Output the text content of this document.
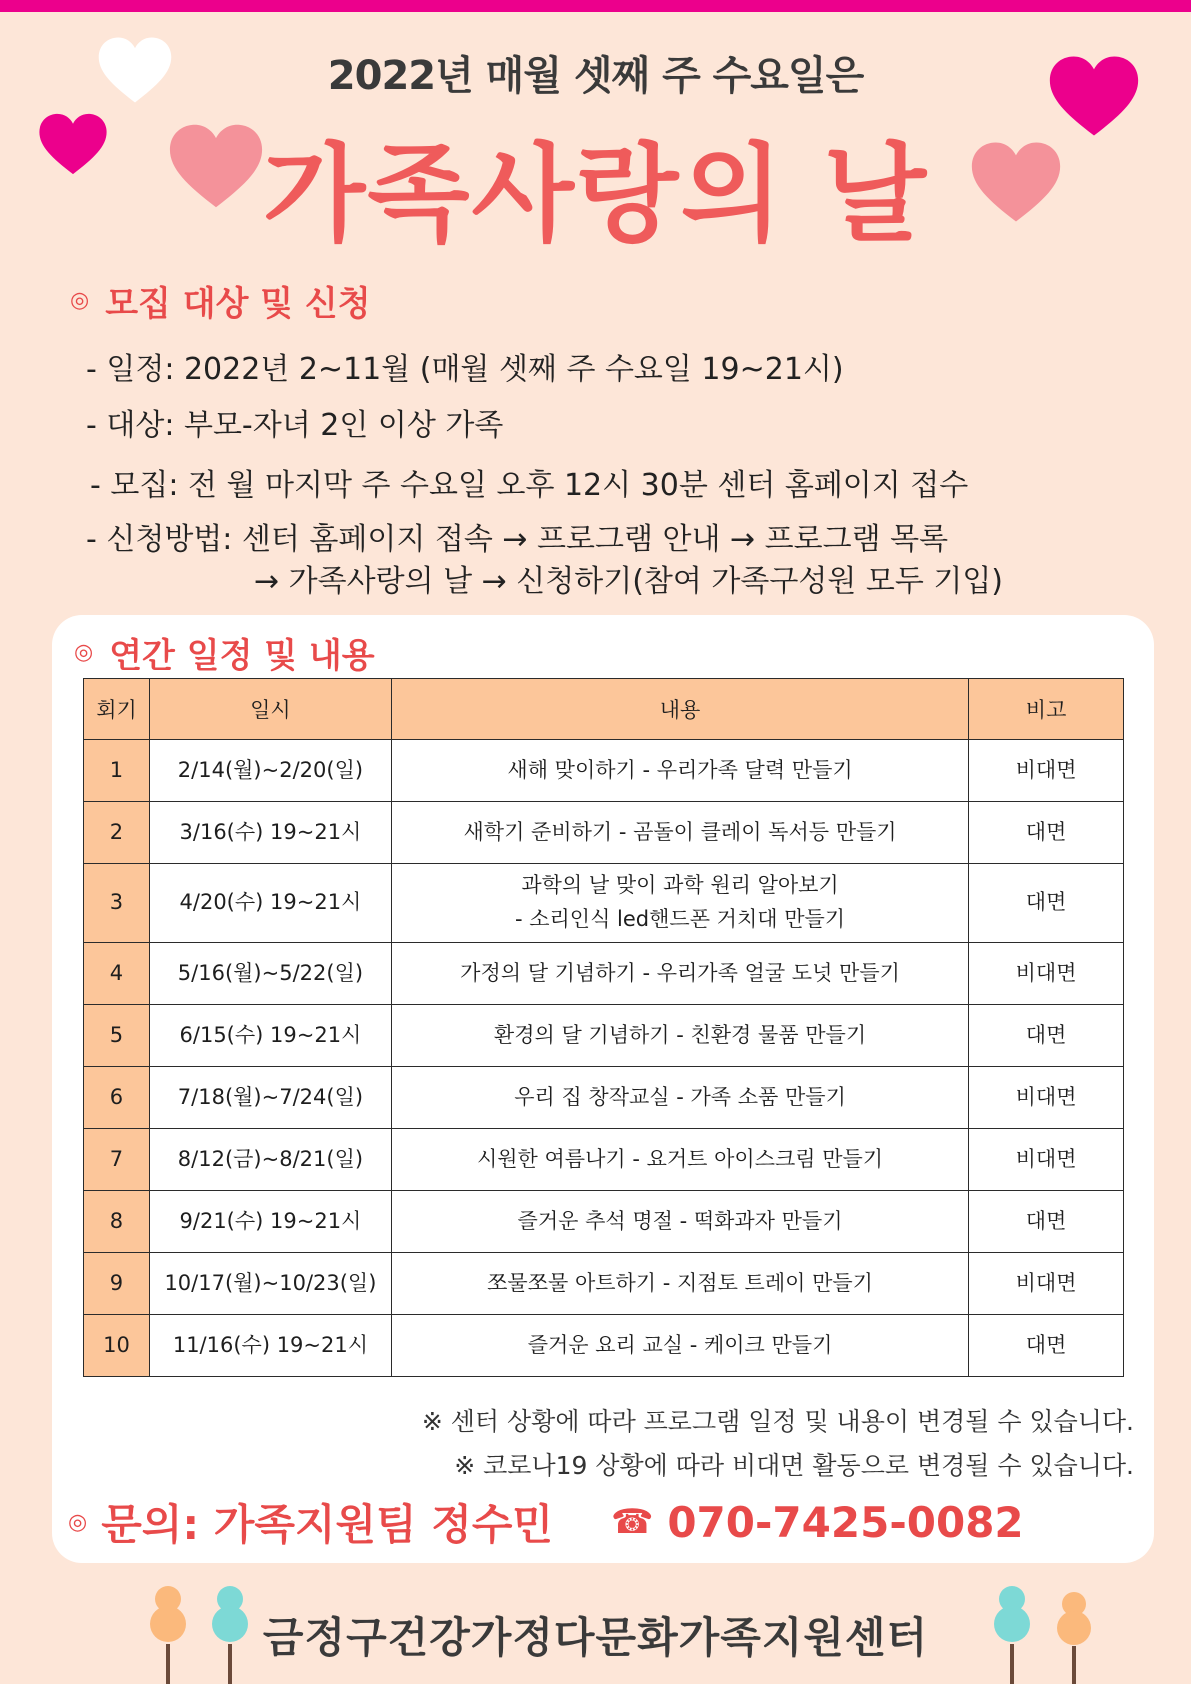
2022년 매월 셋째 주 수요일은
가족사랑의 날
◎ 모집 대상 및 신청
- 일정: 2022년 2~11월 (매월 셋째 주 수요일 19~21시)
- 대상: 부모-자녀 2인 이상 가족
- 모집: 전 월 마지막 주 수요일 오후 12시 30분 센터 홈페이지 접수
- 신청방법: 센터 홈페이지 접속 → 프로그램 안내 → 프로그램 목록
→ 가족사랑의 날 → 신청하기(참여 가족구성원 모두 기입)
◎ 연간 일정 및 내용
회기	일시	내용	비고
1	2/14(월)~2/20(일)	새해 맞이하기 - 우리가족 달력 만들기	비대면
2	3/16(수) 19~21시	새학기 준비하기 - 곰돌이 클레이 독서등 만들기	대면
3	4/20(수) 19~21시	과학의 날 맞이 과학 원리 알아보기
- 소리인식 led핸드폰 거치대 만들기	대면
4	5/16(월)~5/22(일)	가정의 달 기념하기 - 우리가족 얼굴 도넛 만들기	비대면
5	6/15(수) 19~21시	환경의 달 기념하기 - 친환경 물품 만들기	대면
6	7/18(월)~7/24(일)	우리 집 창작교실 - 가족 소품 만들기	비대면
7	8/12(금)~8/21(일)	시원한 여름나기 - 요거트 아이스크림 만들기	비대면
8	9/21(수) 19~21시	즐거운 추석 명절 - 떡화과자 만들기	대면
9	10/17(월)~10/23(일)	쪼물쪼물 아트하기 - 지점토 트레이 만들기	비대면
10	11/16(수) 19~21시	즐거운 요리 교실 - 케이크 만들기	대면
※ 센터 상황에 따라 프로그램 일정 및 내용이 변경될 수 있습니다.
※ 코로나19 상황에 따라 비대면 활동으로 변경될 수 있습니다.
◎ 문의: 가족지원팀 정수민 ☎ 070-7425-0082
금정구건강가정다문화가족지원센터
